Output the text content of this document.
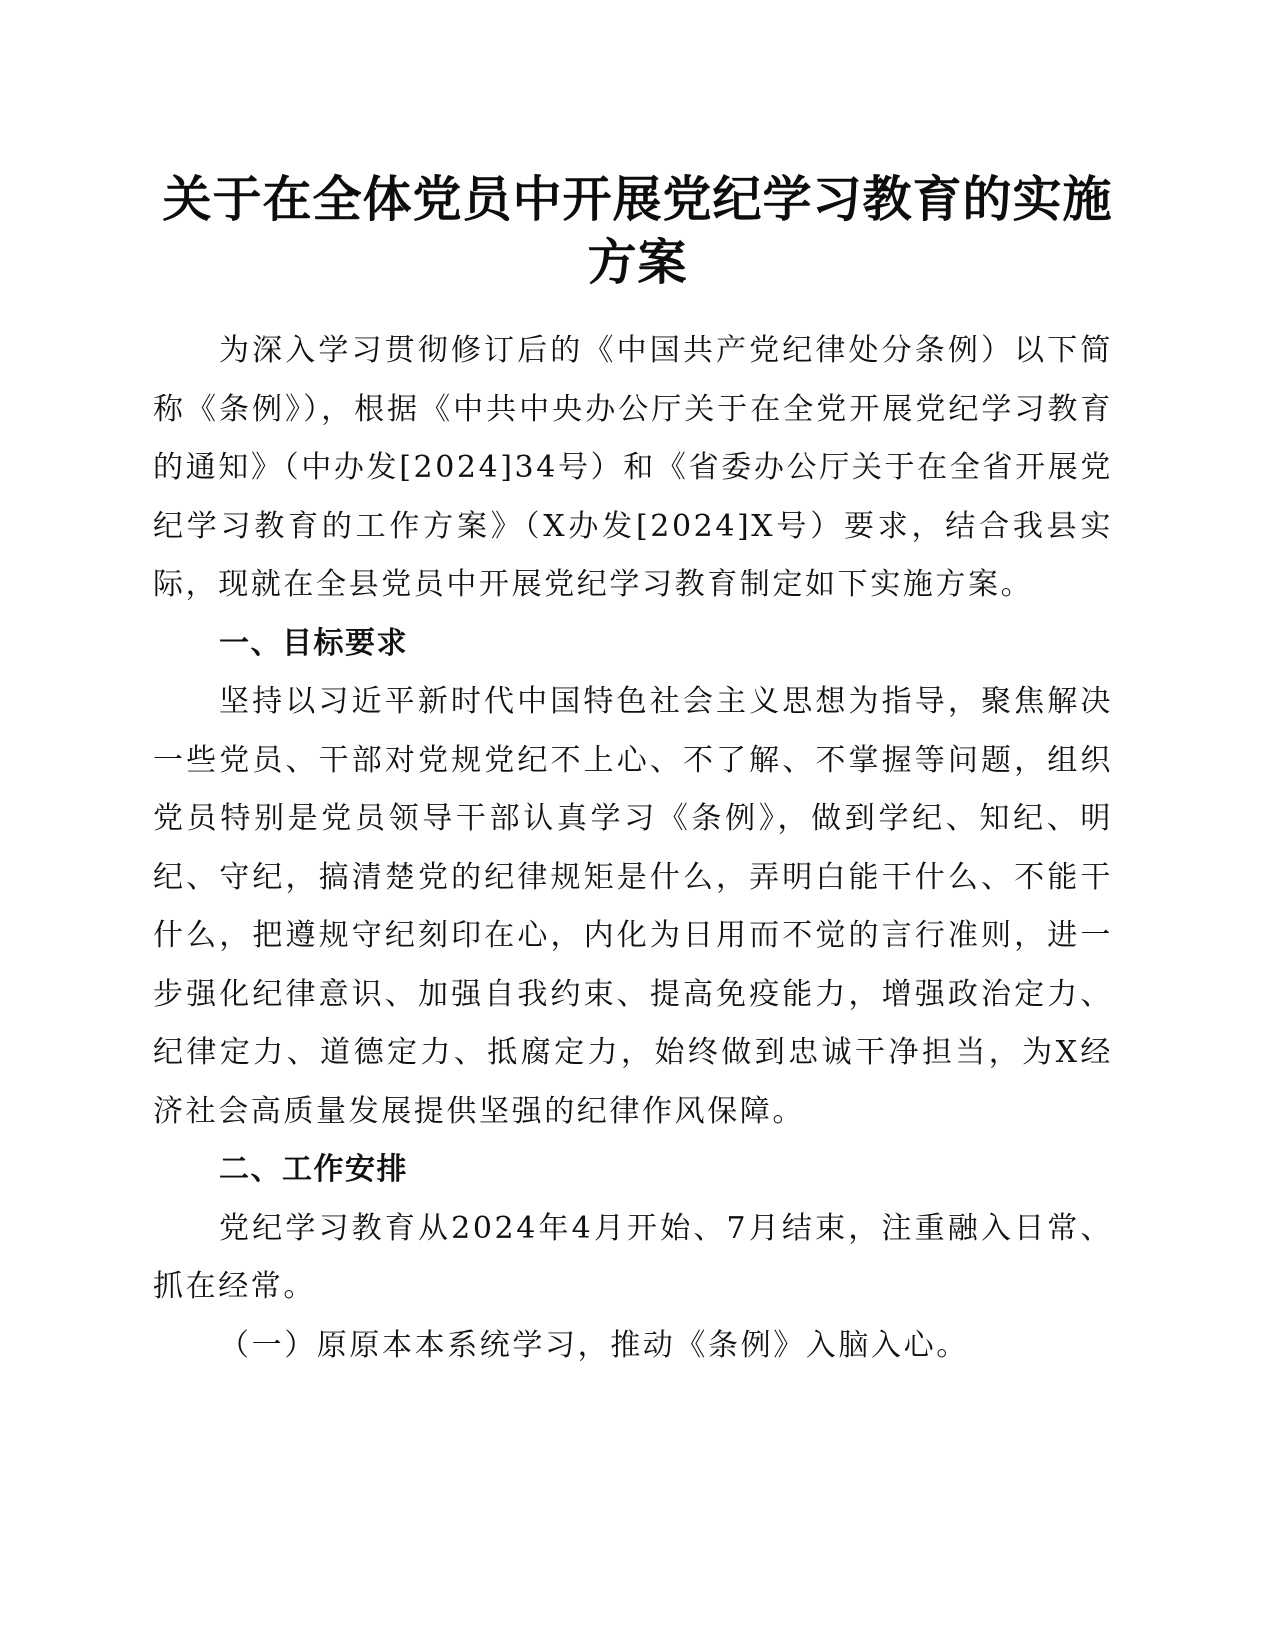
关于在全体党员中开展党纪学习教育的实施方案

为深入学习贯彻修订后的《中国共产党纪律处分条例）以下简称《条例》），根据《中共中央办公厅关于在全党开展党纪学习教育的通知》（中办发[2024]34号）和《省委办公厅关于在全省开展党纪学习教育的工作方案》（X办发[2024]X号）要求，结合我县实际，现就在全县党员中开展党纪学习教育制定如下实施方案。

一、目标要求

坚持以习近平新时代中国特色社会主义思想为指导，聚焦解决一些党员、干部对党规党纪不上心、不了解、不掌握等问题，组织党员特别是党员领导干部认真学习《条例》，做到学纪、知纪、明纪、守纪，搞清楚党的纪律规矩是什么，弄明白能干什么、不能干什么，把遵规守纪刻印在心，内化为日用而不觉的言行准则，进一步强化纪律意识、加强自我约束、提高免疫能力，增强政治定力、纪律定力、道德定力、抵腐定力，始终做到忠诚干净担当，为X经济社会高质量发展提供坚强的纪律作风保障。

二、工作安排

党纪学习教育从2024年4月开始、7月结束，注重融入日常、抓在经常。

（一）原原本本系统学习，推动《条例》入脑入心。
